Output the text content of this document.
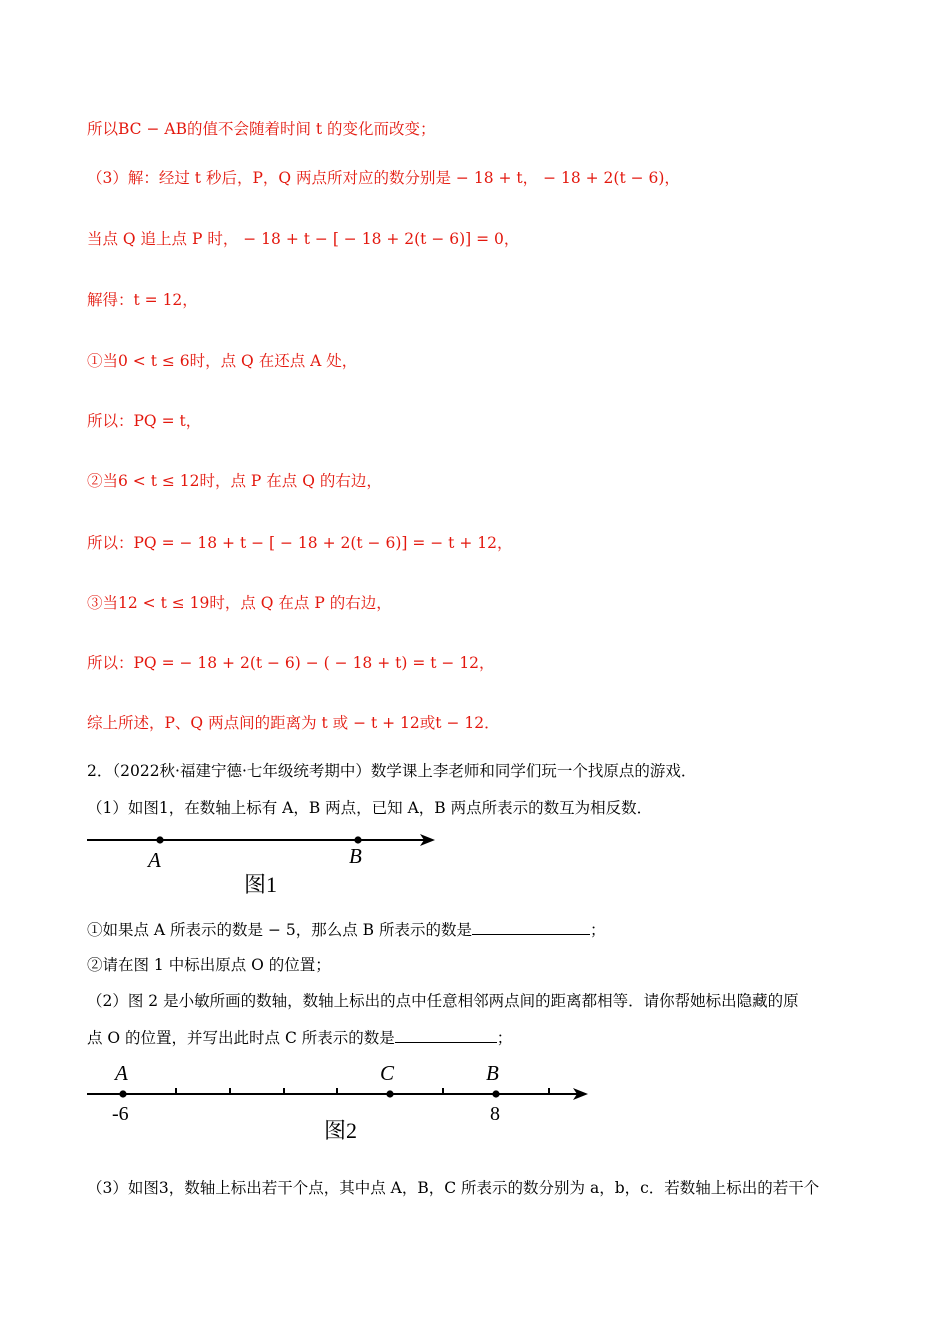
所以BC − AB的值不会随着时间 t 的变化而改变；
（3）解：经过 t 秒后，P，Q 两点所对应的数分别是 − 18 + t， − 18 + 2(t − 6)，
当点 Q 追上点 P 时， − 18 + t − [ − 18 + 2(t − 6)] = 0，
解得：t = 12，
①当0 < t ≤ 6时，点 Q 在还点 A 处，
所以：PQ = t，
②当6 < t ≤ 12时，点 P 在点 Q 的右边，
所以：PQ = − 18 + t − [ − 18 + 2(t − 6)] = − t + 12，
③当12 < t ≤ 19时，点 Q 在点 P 的右边，
所以：PQ = − 18 + 2(t − 6) − ( − 18 + t) = t − 12，
综上所述，P、Q 两点间的距离为 t 或 − t + 12或t − 12．
2．（2022秋·福建宁德·七年级统考期中）数学课上李老师和同学们玩一个找原点的游戏．
（1）如图1，在数轴上标有 A，B 两点，已知 A，B 两点所表示的数互为相反数．
A	B
图1
①如果点 A 所表示的数是 − 5，那么点 B 所表示的数是	；
②请在图 1 中标出原点 O 的位置；
（2）图 2 是小敏所画的数轴，数轴上标出的点中任意相邻两点间的距离都相等．请你帮她标出隐藏的原
点 O 的位置，并写出此时点 C 所表示的数是	；
A	C	B
-6	8
图2
（3）如图3，数轴上标出若干个点，其中点 A，B，C 所表示的数分别为 a，b，c．若数轴上标出的若干个
